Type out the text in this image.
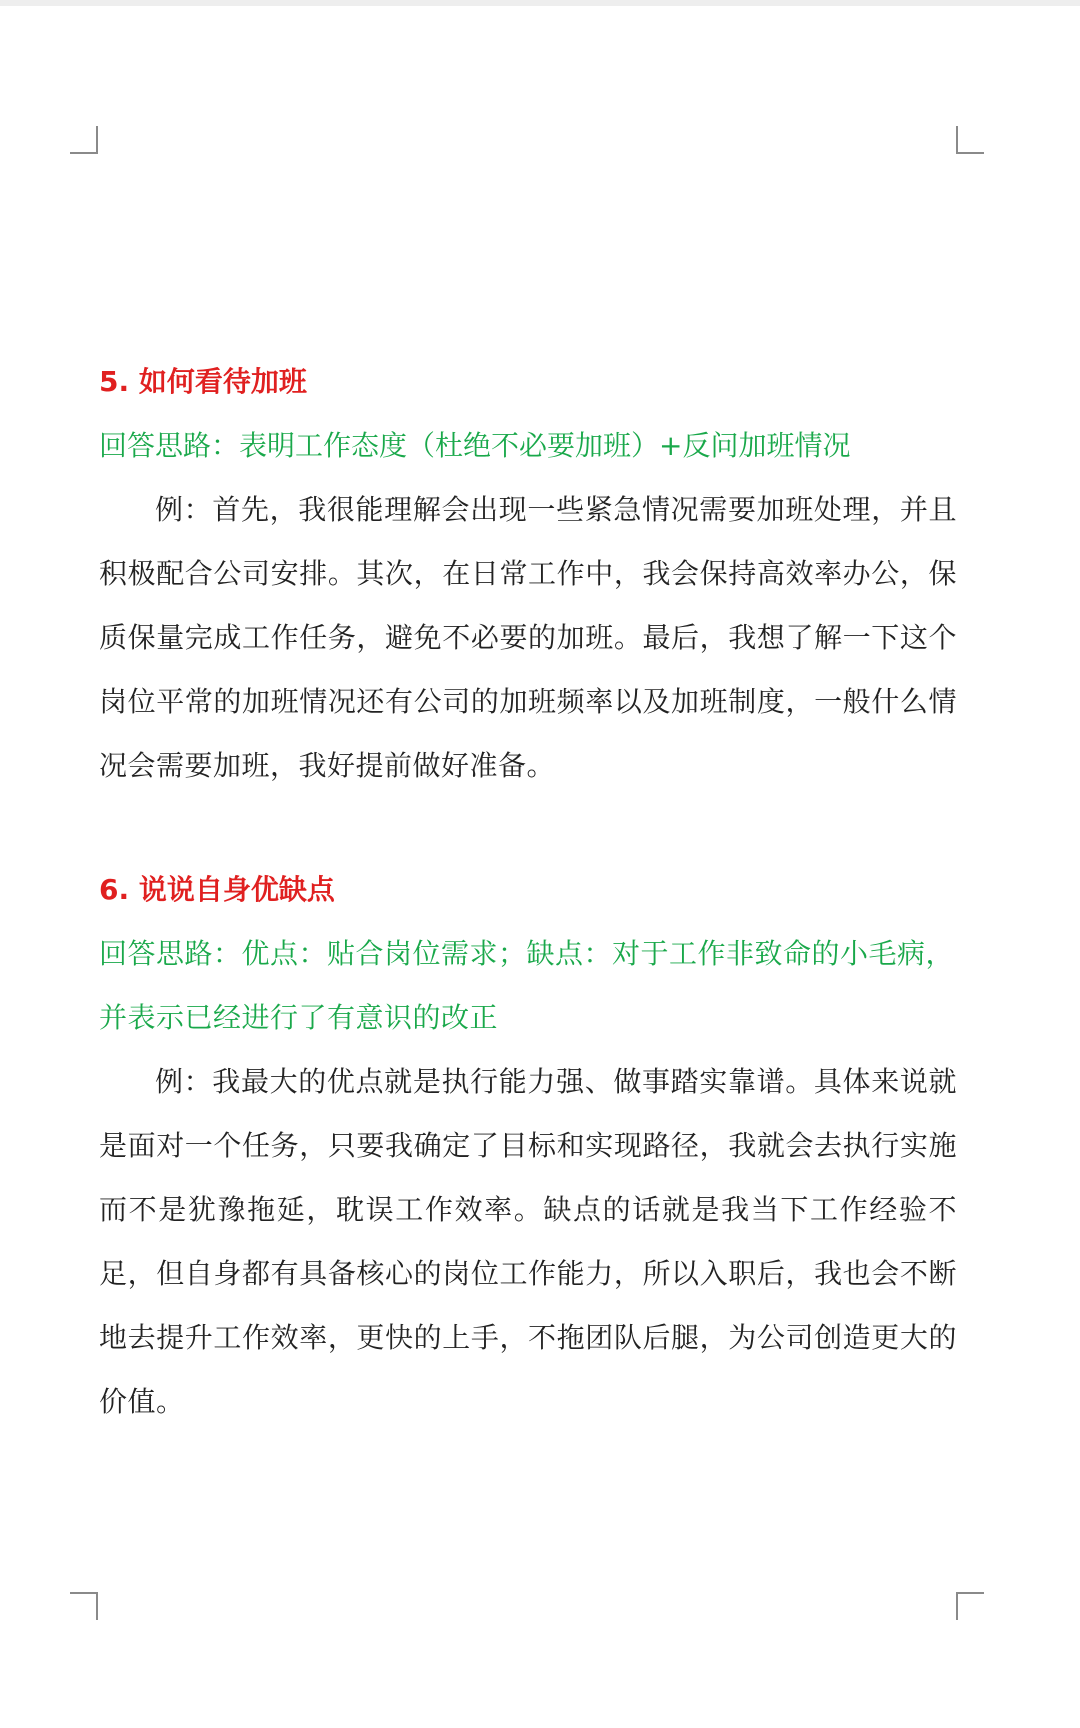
5. 如何看待加班
回答思路：表明工作态度（杜绝不必要加班）+反问加班情况

例：首先，我很能理解会出现一些紧急情况需要加班处理，并且积极配合公司安排。其次，在日常工作中，我会保持高效率办公，保质保量完成工作任务，避免不必要的加班。最后，我想了解一下这个岗位平常的加班情况还有公司的加班频率以及加班制度，一般什么情况会需要加班，我好提前做好准备。

6. 说说自身优缺点
回答思路：优点：贴合岗位需求；缺点：对于工作非致命的小毛病，并表示已经进行了有意识的改正

例：我最大的优点就是执行能力强、做事踏实靠谱。具体来说就是面对一个任务，只要我确定了目标和实现路径，我就会去执行实施而不是犹豫拖延，耽误工作效率。缺点的话就是我当下工作经验不足，但自身都有具备核心的岗位工作能力，所以入职后，我也会不断地去提升工作效率，更快的上手，不拖团队后腿，为公司创造更大的价值。
